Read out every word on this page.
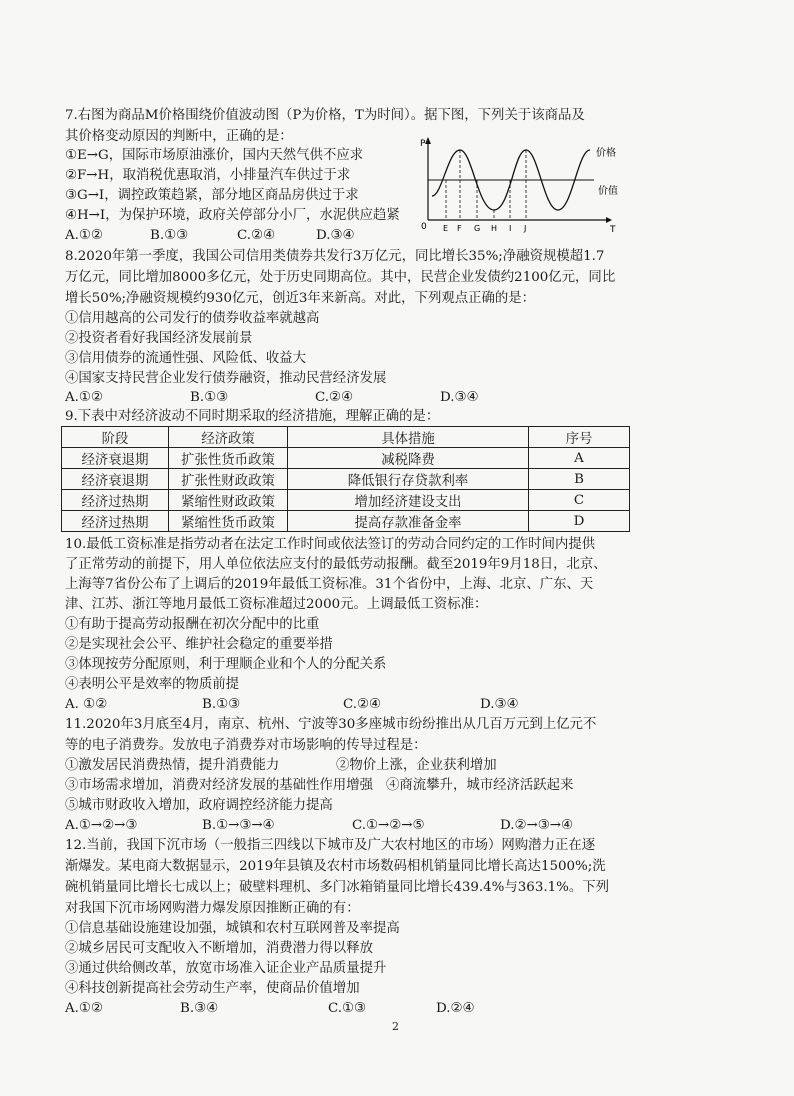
7.右图为商品M价格围绕价值波动图（P为价格，T为时间）。据下图，下列关于该商品及
其价格变动原因的判断中，正确的是：
①E→G，国际市场原油涨价，国内天然气供不应求
②F→H，取消税优惠取消，小排量汽车供过于求
③G→I，调控政策趋紧，部分地区商品房供过于求
④H→I，为保护环境，政府关停部分小厂，水泥供应趋紧
A.①②	B.①③	C.②④	D.③④
P
T
0
价格
价值
E F G H I J
8.2020年第一季度，我国公司信用类债券共发行3万亿元，同比增长35%;净融资规模超1.7
万亿元，同比增加8000多亿元，处于历史同期高位。其中，民营企业发债约2100亿元，同比
增长50%;净融资规模约930亿元，创近3年来新高。对此，下列观点正确的是：
①信用越高的公司发行的债券收益率就越高
②投资者看好我国经济发展前景
③信用债券的流通性强、风险低、收益大
④国家支持民营企业发行债券融资，推动民营经济发展
A.①②	B.①③	C.②④	D.③④
9.下表中对经济波动不同时期采取的经济措施，理解正确的是：
阶段	经济政策	具体措施	序号
经济衰退期	扩张性货币政策	减税降费	A
经济衰退期	扩张性财政政策	降低银行存贷款利率	B
经济过热期	紧缩性财政政策	增加经济建设支出	C
经济过热期	紧缩性货币政策	提高存款准备金率	D
10.最低工资标准是指劳动者在法定工作时间或依法签订的劳动合同约定的工作时间内提供
了正常劳动的前提下，用人单位依法应支付的最低劳动报酬。截至2019年9月18日，北京、
上海等7省份公布了上调后的2019年最低工资标准。31个省份中，上海、北京、广东、天
津、江苏、浙江等地月最低工资标准超过2000元。上调最低工资标准：
①有助于提高劳动报酬在初次分配中的比重
②是实现社会公平、维护社会稳定的重要举措
③体现按劳分配原则，利于理顺企业和个人的分配关系
④表明公平是效率的物质前提
A. ①②	B.①③	C.②④	D.③④
11.2020年3月底至4月，南京、杭州、宁波等30多座城市纷纷推出从几百万元到上亿元不
等的电子消费券。发放电子消费券对市场影响的传导过程是：
①激发居民消费热情，提升消费能力	②物价上涨，企业获利增加
③市场需求增加，消费对经济发展的基础性作用增强 ④商流攀升，城市经济活跃起来
⑤城市财政收入增加，政府调控经济能力提高
A.①→②→③	B.①→③→④	C.①→②→⑤	D.②→③→④
12.当前，我国下沉市场（一般指三四线以下城市及广大农村地区的市场）网购潜力正在逐
渐爆发。某电商大数据显示，2019年县镇及农村市场数码相机销量同比增长高达1500%;洗
碗机销量同比增长七成以上；破壁料理机、多门冰箱销量同比增长439.4%与363.1%。下列
对我国下沉市场网购潜力爆发原因推断正确的有：
①信息基础设施建设加强，城镇和农村互联网普及率提高
②城乡居民可支配收入不断增加，消费潜力得以释放
③通过供给侧改革，放宽市场准入证企业产品质量提升
④科技创新提高社会劳动生产率，使商品价值增加
A.①②	B.③④	C.①③	D.②④
2
